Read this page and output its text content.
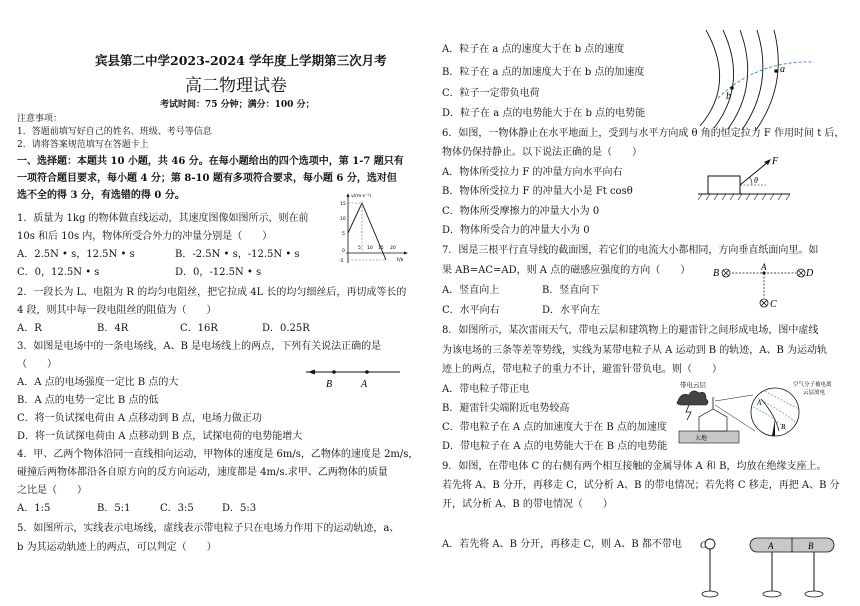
宾县第二中学2023-2024 学年度上学期第三次月考
高二物理试卷
考试时间：75 分钟；满分：100 分；
注意事项：
1．答题前填写好自己的姓名、班级、考号等信息
2．请将答案规范填写在答题卡上
一、选择题：本题共 10 小题，共 46 分。在每小题给出的四个选项中，第 1-7 题只有
一项符合题目要求，每小题 4 分；第 8-10 题有多项符合要求，每小题 6 分，选对但
选不全的得 3 分，有选错的得 0 分。
1．质量为 1kg 的物体做直线运动，其速度图像如图所示，则在前
10s 和后 10s 内，物体所受合外力的冲量分别是（　　）
A．2.5N • s，12.5N • s	B．-2.5N • s，-12.5N • s
C．0，12.5N • s	D．0，-12.5N • s
v/(m·s⁻¹)
t/s
15
10
5
0
-5
5 10 15 20
2．一段长为 L、电阻为 R 的均匀电阻丝，把它拉成 4L 长的均匀细丝后，再切成等长的
4 段，则其中每一段电阻丝的阻值为（　　）
A．R	B．4R	C．16R	D．0.25R
3．如图是电场中的一条电场线，A、B 是电场线上的两点，下列有关说法正确的是
（　　）
A．A 点的电场强度一定比 B 点的大
B．A 点的电势一定比 B 点的低
C．将一负试探电荷由 A 点移动到 B 点，电场力做正功
D．将一负试探电荷由 A 点移动到 B 点，试探电荷的电势能增大
B	A
4．甲、乙两个物体沿同一直线相向运动，甲物体的速度是 6m/s，乙物体的速度是 2m/s，
碰撞后两物体都沿各自原方向的反方向运动，速度都是 4m/s.求甲、乙两物体的质量
之比是（　　）
A．1:5	B．5:1	C．3:5	D．5:3
5．如图所示，实线表示电场线，虚线表示带电粒子只在电场力作用下的运动轨迹，a、
b 为其运动轨迹上的两点，可以判定（　　）
A．粒子在 a 点的速度大于在 b 点的速度
B．粒子在 a 点的加速度大于在 b 点的加速度
C．粒子一定带负电荷
D．粒子在 a 点的电势能大于在 b 点的电势能
a
b
6．如图，一物体静止在水平地面上，受到与水平方向成 θ 角的恒定拉力 F 作用时间 t 后，
物体仍保持静止。以下说法正确的是（　　）
A．物体所受拉力 F 的冲量方向水平向右
B．物体所受拉力 F 的冲量大小是 Ft cosθ
C．物体所受摩擦力的冲量大小为 0
D．物体所受合力的冲量大小为 0
F
θ
7．图是三根平行直导线的截面图，若它们的电流大小都相同，方向垂直纸面向里。如
果 AB=AC=AD，则 A 点的磁感应强度的方向（　　）
A．竖直向上	B．竖直向下
C．水平向右	D．水平向左
B
A
D
C
8．如图所示，某次雷雨天气，带电云层和建筑物上的避雷针之间形成电场，图中虚线
为该电场的三条等差等势线，实线为某带电粒子从 A 运动到 B 的轨迹，A、B 为运动轨
迹上的两点，带电粒子的重力不计，避雷针带负电。则（　　）
A．带电粒子带正电
B．避雷针尖端附近电势较高
C．带电粒子在 A 点的加速度大于在 B 点的加速度
D．带电粒子在 A 点的电势能大于在 B 点的电势能
带电云层
大地
A
B
空气分子被电离
云层放电
9．如图，在带电体 C 的右侧有两个相互接触的金属导体 A 和 B，均放在绝缘支座上。
若先将 A、B 分开，再移走 C，试分析 A、B 的带电情况；若先将 C 移走，再把 A、B 分
开，试分析 A、B 的带电情况（　　）
A．若先将 A、B 分开，再移走 C，则 A、B 都不带电 C	A	B
